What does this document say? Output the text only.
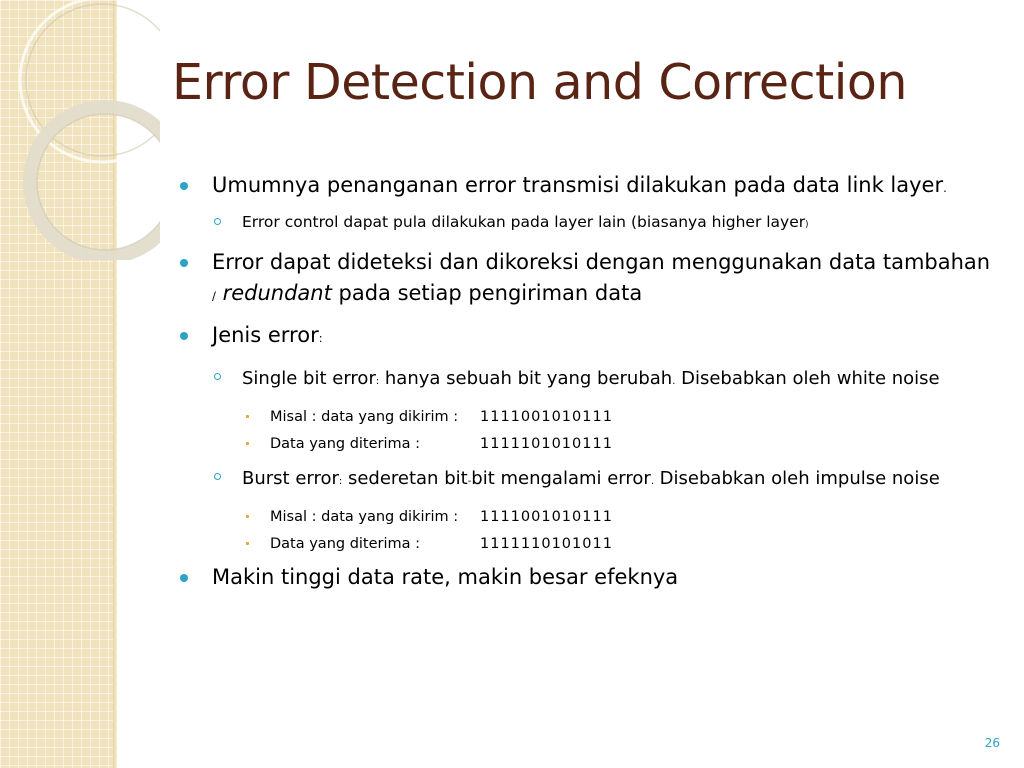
Error Detection and Correction
Umumnya penanganan error transmisi dilakukan pada data link layer.
Error control dapat pula dilakukan pada layer lain (biasanya higher layer)
Error dapat dideteksi dan dikoreksi dengan menggunakan data tambahan / redundant pada setiap pengiriman data
Jenis error:
Single bit error: hanya sebuah bit yang berubah. Disebabkan oleh white noise
Misal : data yang dikirim : 1111001010111
Data yang diterima :	1111101010111
Burst error: sederetan bit-bit mengalami error. Disebabkan oleh impulse noise
Misal : data yang dikirim : 1111001010111
Data yang diterima :	1111110101011
Makin tinggi data rate, makin besar efeknya
26
